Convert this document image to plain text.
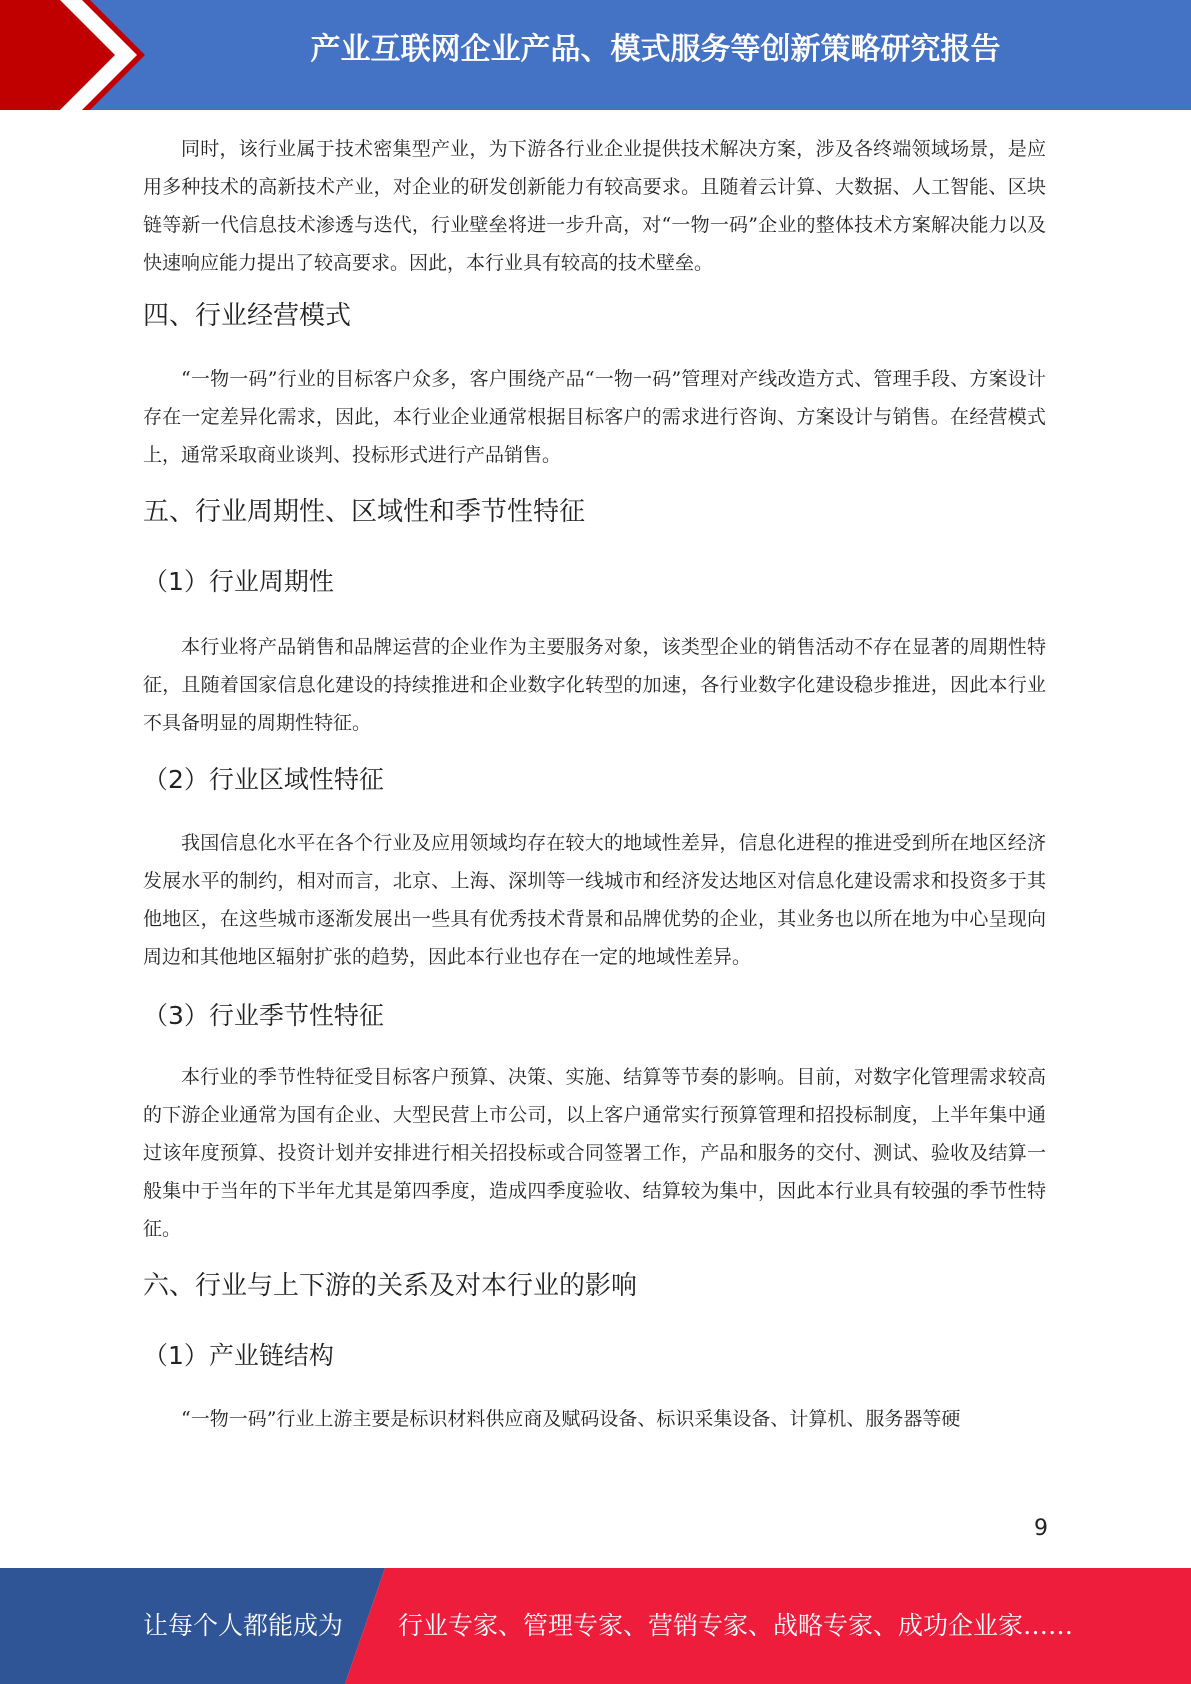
产业互联网企业产品、模式服务等创新策略研究报告

同时，该行业属于技术密集型产业，为下游各行业企业提供技术解决方案，涉及各终端领域场景，是应用多种技术的高新技术产业，对企业的研发创新能力有较高要求。且随着云计算、大数据、人工智能、区块链等新一代信息技术渗透与迭代，行业壁垒将进一步升高，对“一物一码”企业的整体技术方案解决能力以及快速响应能力提出了较高要求。因此，本行业具有较高的技术壁垒。

四、行业经营模式

“一物一码”行业的目标客户众多，客户围绕产品“一物一码”管理对产线改造方式、管理手段、方案设计存在一定差异化需求，因此，本行业企业通常根据目标客户的需求进行咨询、方案设计与销售。在经营模式上，通常采取商业谈判、投标形式进行产品销售。

五、行业周期性、区域性和季节性特征
（1）行业周期性

本行业将产品销售和品牌运营的企业作为主要服务对象，该类型企业的销售活动不存在显著的周期性特征，且随着国家信息化建设的持续推进和企业数字化转型的加速，各行业数字化建设稳步推进，因此本行业不具备明显的周期性特征。

（2）行业区域性特征

我国信息化水平在各个行业及应用领域均存在较大的地域性差异，信息化进程的推进受到所在地区经济发展水平的制约，相对而言，北京、上海、深圳等一线城市和经济发达地区对信息化建设需求和投资多于其他地区，在这些城市逐渐发展出一些具有优秀技术背景和品牌优势的企业，其业务也以所在地为中心呈现向周边和其他地区辐射扩张的趋势，因此本行业也存在一定的地域性差异。

（3）行业季节性特征

本行业的季节性特征受目标客户预算、决策、实施、结算等节奏的影响。目前，对数字化管理需求较高的下游企业通常为国有企业、大型民营上市公司，以上客户通常实行预算管理和招投标制度，上半年集中通过该年度预算、投资计划并安排进行相关招投标或合同签署工作，产品和服务的交付、测试、验收及结算一般集中于当年的下半年尤其是第四季度，造成四季度验收、结算较为集中，因此本行业具有较强的季节性特征。

六、行业与上下游的关系及对本行业的影响
（1）产业链结构

“一物一码”行业上游主要是标识材料供应商及赋码设备、标识采集设备、计算机、服务器等硬

9
让每个人都能成为 行业专家、管理专家、营销专家、战略专家、成功企业家……
